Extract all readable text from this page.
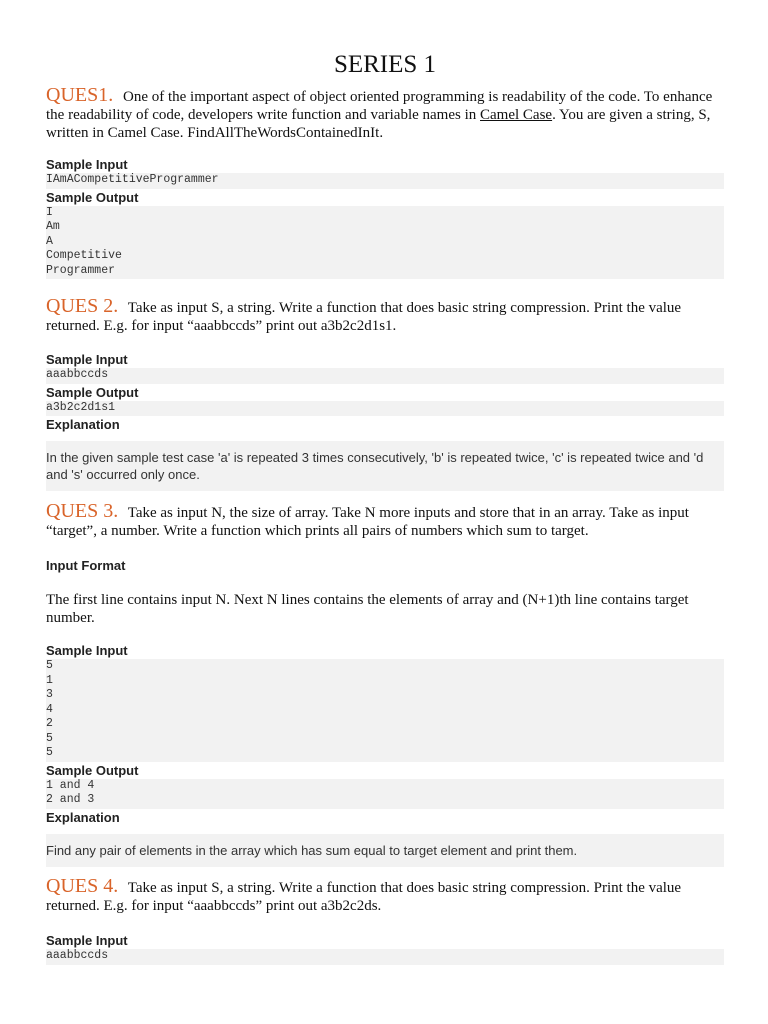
SERIES 1

QUES1. One of the important aspect of object oriented programming is readability of the code. To enhance the readability of code, developers write function and variable names in Camel Case. You are given a string, S, written in Camel Case. FindAllTheWordsContainedInIt.

Sample Input

IAmACompetitiveProgrammer

Sample Output

I
Am
A
Competitive
Programmer

QUES 2. Take as input S, a string. Write a function that does basic string compression. Print the value returned. E.g. for input “aaabbccds” print out a3b2c2d1s1.

Sample Input

aaabbccds

Sample Output

a3b2c2d1s1

Explanation

In the given sample test case 'a' is repeated 3 times consecutively, 'b' is repeated twice, 'c' is repeated twice and 'd and 's' occurred only once.

QUES 3. Take as input N, the size of array. Take N more inputs and store that in an array. Take as input “target”, a number. Write a function which prints all pairs of numbers which sum to target.

Input Format

The first line contains input N. Next N lines contains the elements of array and (N+1)th line contains target number.

Sample Input

5
1
3
4
2
5
5

Sample Output

1 and 4
2 and 3

Explanation

Find any pair of elements in the array which has sum equal to target element and print them.

QUES 4. Take as input S, a string. Write a function that does basic string compression. Print the value returned. E.g. for input “aaabbccds” print out a3b2c2ds.

Sample Input

aaabbccds
